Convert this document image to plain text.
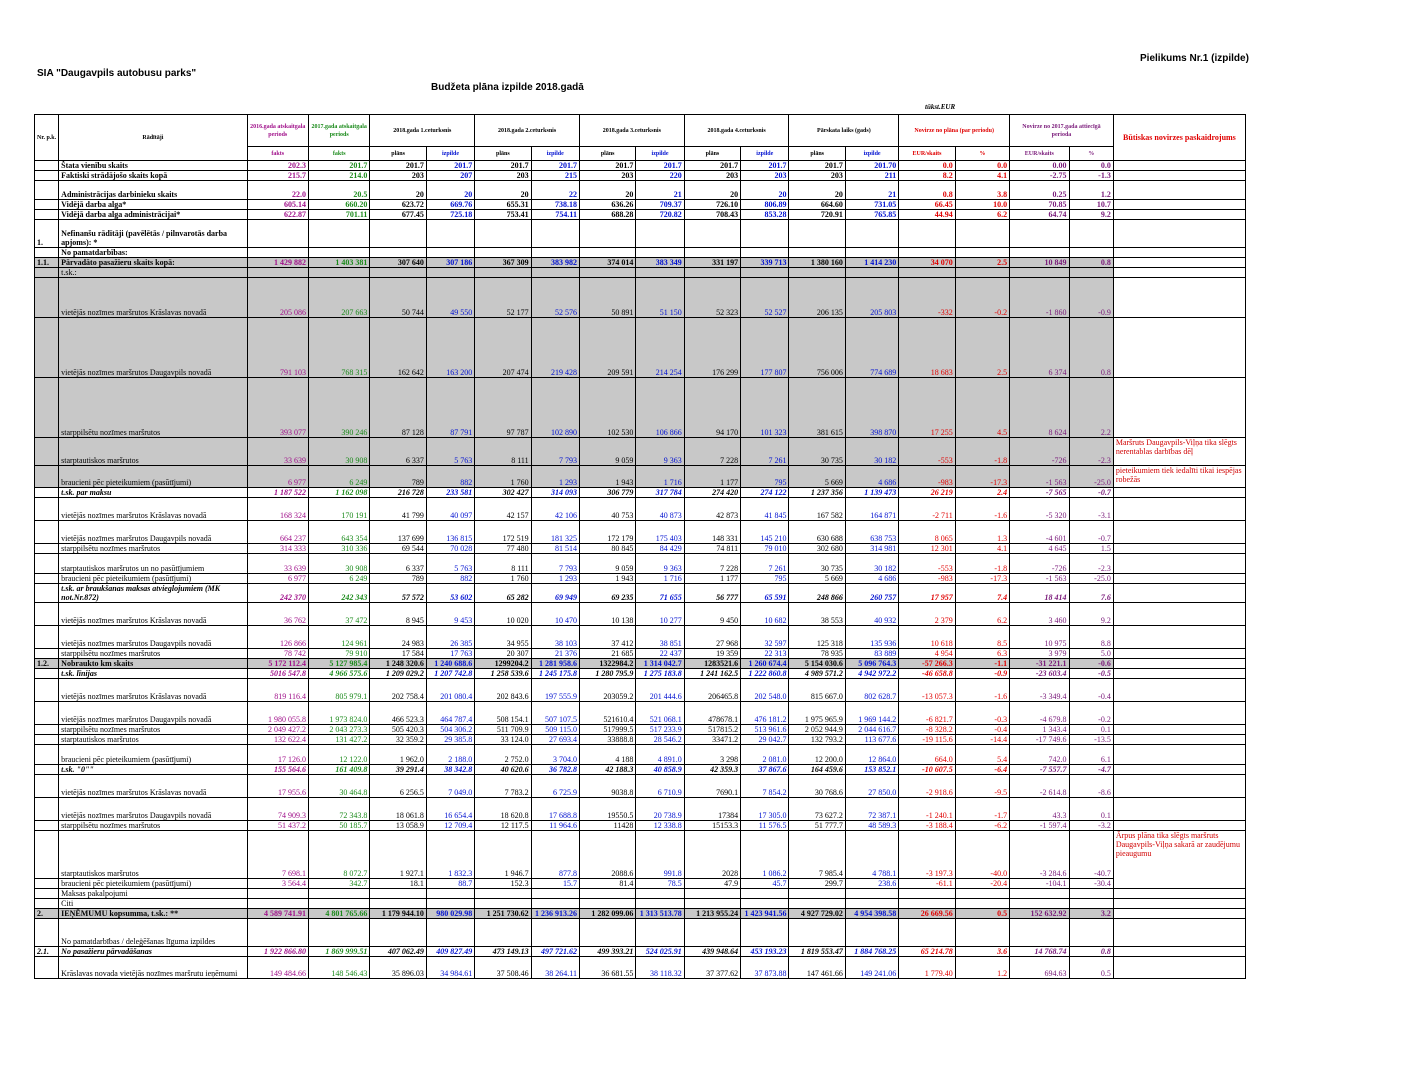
Pielikums Nr.1 (izpilde)
SIA "Daugavpils autobusu parks"
Budžeta plāna izpilde 2018.gadā
tūkst.EUR
Nr. p.k.	Rādītāji	2016.gada atskaitgala periods	2017.gada atskaitgala periods	2018.gada 1.ceturksnis		2018.gada 2.ceturksnis		2018.gada 3.ceturksnis		2018.gada 4.ceturksnis		Pārskata laiks (gads)		Novirze no plāna (par periodu)		Novirze no 2017.gada attiecīgā perioda		Būtiskas novirzes paskaidrojums
		fakts	fakts	plāns	izpilde	plāns	izpilde	plāns	izpilde	plāns	izpilde	plāns	izpilde	EUR/skaits	%	EUR/skaits	%	
	Štata vienību skaits	202.3	201.7	201.7	201.7	201.7	201.7	201.7	201.7	201.7	201.7	201.7	201.70	0.0	0.0	0.00	0.0	
	Faktiski strādājošo skaits kopā	215.7	214.0	203	207	203	215	203	220	203	203	203	211	8.2	4.1	-2.75	-1.3	
	Administrācijas darbinieku skaits	22.0	20.5	20	20	20	22	20	21	20	20	20	21	0.8	3.8	0.25	1.2	
	Vidējā darba alga*	605.14	660.20	623.72	669.76	655.31	738.18	636.26	709.37	726.10	806.89	664.60	731.05	66.45	10.0	70.85	10.7	
	Vidējā darba alga administrācijai*	622.87	701.11	677.45	725.18	753.41	754.11	688.28	720.82	708.43	853.28	720.91	765.85	44.94	6.2	64.74	9.2	
1.	Nefinanšu rādītāji (pavēlētās / pilnvarotās darba apjoms): *																	
	No pamatdarbības:																	
1.1.	Pārvadāto pasažieru skaits kopā:	1 429 882	1 403 381	307 640	307 186	367 309	383 982	374 014	383 349	331 197	339 713	1 380 160	1 414 230	34 070	2.5	10 849	0.8	
	t.sk.:																	
	vietējās nozīmes maršrutos Krāslavas novadā	205 086	207 663	50 744	49 550	52 177	52 576	50 891	51 150	52 323	52 527	206 135	205 803	-332	-0.2	-1 860	-0.9	
	vietējās nozīmes maršrutos Daugavpils novadā	791 103	768 315	162 642	163 200	207 474	219 428	209 591	214 254	176 299	177 807	756 006	774 689	18 683	2.5	6 374	0.8	
	starppilsētu nozīmes maršrutos	393 077	390 246	87 128	87 791	97 787	102 890	102 530	106 866	94 170	101 323	381 615	398 870	17 255	4.5	8 624	2.2	
	starptautiskos maršrutos	33 639	30 908	6 337	5 763	8 111	7 793	9 059	9 363	7 228	7 261	30 735	30 182	-553	-1.8	-726	-2.3	Maršruts Daugavpils-Viļņa tika slēgts nerentablas darbības dēļ
	braucieni pēc pieteikumiem (pasūtījumi)	6 977	6 249	789	882	1 760	1 293	1 943	1 716	1 177	795	5 669	4 686	-983	-17.3	-1 563	-25.0	pieteikumiem tiek iedalīti tikai iespējas robežās
	t.sk. par maksu	1 187 522	1 162 098	216 728	233 581	302 427	314 093	306 779	317 784	274 420	274 122	1 237 356	1 139 473	26 219	2.4	-7 565	-0.7	
	vietējās nozīmes maršrutos Krāslavas novadā	168 324	170 191	41 799	40 097	42 157	42 106	40 753	40 873	42 873	41 845	167 582	164 871	-2 711	-1.6	-5 320	-3.1	
	vietējās nozīmes maršrutos Daugavpils novadā	664 237	643 354	137 699	136 815	172 519	181 325	172 179	175 403	148 331	145 210	630 688	638 753	8 065	1.3	-4 601	-0.7	
	starppilsētu nozīmes maršrutos	314 333	310 336	69 544	70 028	77 480	81 514	80 845	84 429	74 811	79 010	302 680	314 981	12 301	4.1	4 645	1.5	
	starptautiskos maršrutos un no pasūtījumiem	33 639	30 908	6 337	5 763	8 111	7 793	9 059	9 363	7 228	7 261	30 735	30 182	-553	-1.8	-726	-2.3	
	braucieni pēc pieteikumiem (pasūtījumi)	6 977	6 249	789	882	1 760	1 293	1 943	1 716	1 177	795	5 669	4 686	-983	-17.3	-1 563	-25.0	
	t.sk. ar braukšanas maksas atvieglojumiem (MK not.Nr.872)	242 370	242 343	57 572	53 602	65 282	69 949	69 235	71 655	56 777	65 591	248 866	260 757	17 957	7.4	18 414	7.6	
	vietējās nozīmes maršrutos Krāslavas novadā	36 762	37 472	8 945	9 453	10 020	10 470	10 138	10 277	9 450	10 682	38 553	40 932	2 379	6.2	3 460	9.2	
	vietējās nozīmes maršrutos Daugavpils novadā	126 866	124 961	24 983	26 385	34 955	38 103	37 412	38 851	27 968	32 597	125 318	135 936	10 618	8.5	10 975	8.8	
	starppilsētu nozīmes maršrutos	78 742	79 910	17 584	17 763	20 307	21 376	21 685	22 437	19 359	22 313	78 935	83 889	4 954	6.3	3 979	5.0	
1.2.	Nobraukto km skaits	5 172 112.4	5 127 985.4	1 248 320.6	1 240 688.6	1299204.2	1 281 958.6	1322984.2	1 314 042.7	1283521.6	1 260 674.4	5 154 030.6	5 096 764.3	-57 266.3	-1.1	-31 221.1	-0.6	
	t.sk. līnijas	5016 547.8	4 966 575.6	1 209 029.2	1 207 742.8	1 258 539.6	1 245 175.8	1 280 795.9	1 275 183.8	1 241 162.5	1 222 860.8	4 989 571.2	4 942 972.2	-46 658.8	-0.9	-23 603.4	-0.5	
	vietējās nozīmes maršrutos Krāslavas novadā	819 116.4	805 979.1	202 758.4	201 080.4	202 843.6	197 555.9	203059.2	201 444.6	206465.8	202 548.0	815 667.0	802 628.7	-13 057.3	-1.6	-3 349.4	-0.4	
	vietējās nozīmes maršrutos Daugavpils novadā	1 980 055.8	1 973 824.0	466 523.3	464 787.4	508 154.1	507 107.5	521610.4	521 068.1	478678.1	476 181.2	1 975 965.9	1 969 144.2	-6 821.7	-0.3	-4 679.8	-0.2	
	starppilsētu nozīmes maršrutos	2 049 427.2	2 043 273.3	505 420.3	504 306.2	511 709.9	509 115.0	517999.5	517 233.9	517815.2	513 961.6	2 052 944.9	2 044 616.7	-8 328.2	-0.4	1 343.4	0.1	
	starptautiskos maršrutos	132 622.4	131 427.2	32 359.2	29 385.8	33 124.0	27 693.4	33888.8	28 546.2	33471.2	29 042.7	132 793.2	113 677.6	-19 115.6	-14.4	-17 749.6	-13.5	
	braucieni pēc pieteikumiem (pasūtījumi)	17 126.0	12 122.0	1 962.0	2 188.0	2 752.0	3 704.0	4 188	4 891.0	3 298	2 081.0	12 200.0	12 864.0	664.0	5.4	742.0	6.1	
	t.sk. "0""	155 564.6	161 409.8	39 291.4	38 342.8	40 620.6	36 782.8	42 188.3	40 858.9	42 359.3	37 867.6	164 459.6	153 852.1	-10 607.5	-6.4	-7 557.7	-4.7	
	vietējās nozīmes maršrutos Krāslavas novadā	17 955.6	30 464.8	6 256.5	7 049.0	7 783.2	6 725.9	9038.8	6 710.9	7690.1	7 854.2	30 768.6	27 850.0	-2 918.6	-9.5	-2 614.8	-8.6	
	vietējās nozīmes maršrutos Daugavpils novadā	74 909.3	72 343.8	18 061.8	16 654.4	18 620.8	17 688.8	19550.5	20 738.9	17384	17 305.0	73 627.2	72 387.1	-1 240.1	-1.7	43.3	0.1	
	starppilsētu nozīmes maršrutos	51 437.2	50 185.7	13 058.9	12 709.4	12 117.5	11 964.6	11428	12 338.8	15153.3	11 576.5	51 777.7	48 589.3	-3 188.4	-6.2	-1 597.4	-3.2	
	starptautiskos maršrutos	7 698.1	8 072.7	1 927.1	1 832.3	1 946.7	877.8	2088.6	991.8	2028	1 086.2	7 985.4	4 788.1	-3 197.3	-40.0	-3 284.6	-40.7	Ārpus plāna tika slēgts maršruts Daugavpils-Viļņa sakarā ar zaudējumu pieaugumu
	braucieni pēc pieteikumiem (pasūtījumi)	3 564.4	342.7	18.1	88.7	152.3	15.7	81.4	78.5	47.9	45.7	299.7	238.6	-61.1	-20.4	-104.1	-30.4	
	Maksas pakalpojumi																	
	Citi																	
2.	IEŅĒMUMU kopsumma, t.sk.: **	4 589 741.91	4 801 765.66	1 179 944.10	980 029.98	1 251 730.62	1 236 913.26	1 282 099.06	1 313 513.78	1 213 955.24	1 423 941.56	4 927 729.02	4 954 398.58	26 669.56	0.5	152 632.92	3.2	
	No pamatdarbības / deleģēšanas līguma izpildes																	
2.1.	No pasažieru pārvadāšanas	1 922 866.80	1 869 999.51	407 062.49	409 827.49	473 149.13	497 721.62	499 393.21	524 025.91	439 948.64	453 193.23	1 819 553.47	1 884 768.25	65 214.78	3.6	14 768.74	0.8	
	Krāslavas novada vietējās nozīmes maršrutu ieņēmumi	149 484.66	148 546.43	35 896.03	34 984.61	37 508.46	38 264.11	36 681.55	38 118.32	37 377.62	37 873.88	147 461.66	149 241.06	1 779.40	1.2	694.63	0.5	
